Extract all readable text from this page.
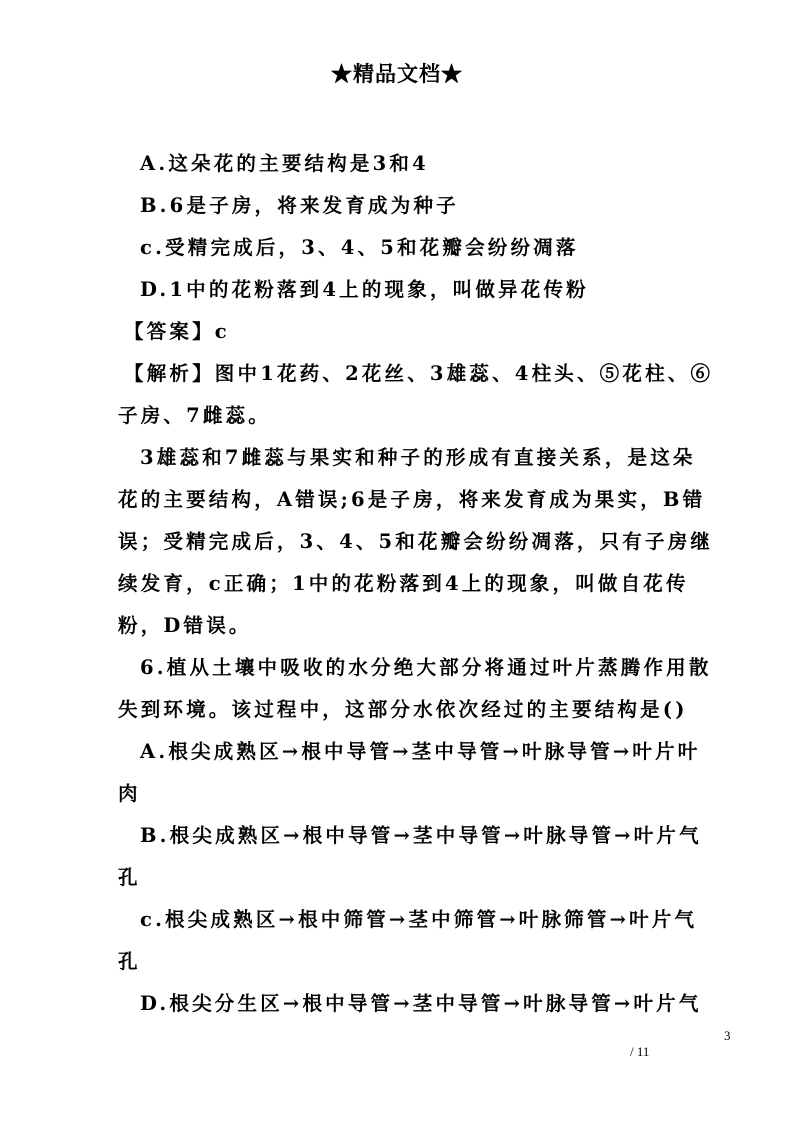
★精品文档★
A.这朵花的主要结构是3和4
B.6是子房，将来发育成为种子
c.受精完成后，3、4、5和花瓣会纷纷凋落
D.1中的花粉落到4上的现象，叫做异花传粉
【答案】c
【解析】图中1花药、2花丝、3雄蕊、4柱头、⑤花柱、⑥
子房、7雌蕊。
3雄蕊和7雌蕊与果实和种子的形成有直接关系，是这朵
花的主要结构，A错误;6是子房，将来发育成为果实，B错
误；受精完成后，3、4、5和花瓣会纷纷凋落，只有子房继
续发育，c正确；1中的花粉落到4上的现象，叫做自花传
粉，D错误。
6.植从土壤中吸收的水分绝大部分将通过叶片蒸腾作用散
失到环境。该过程中，这部分水依次经过的主要结构是()
A.根尖成熟区→根中导管→茎中导管→叶脉导管→叶片叶
肉
B.根尖成熟区→根中导管→茎中导管→叶脉导管→叶片气
孔
c.根尖成熟区→根中筛管→茎中筛管→叶脉筛管→叶片气
孔
D.根尖分生区→根中导管→茎中导管→叶脉导管→叶片气
3
/ 11
